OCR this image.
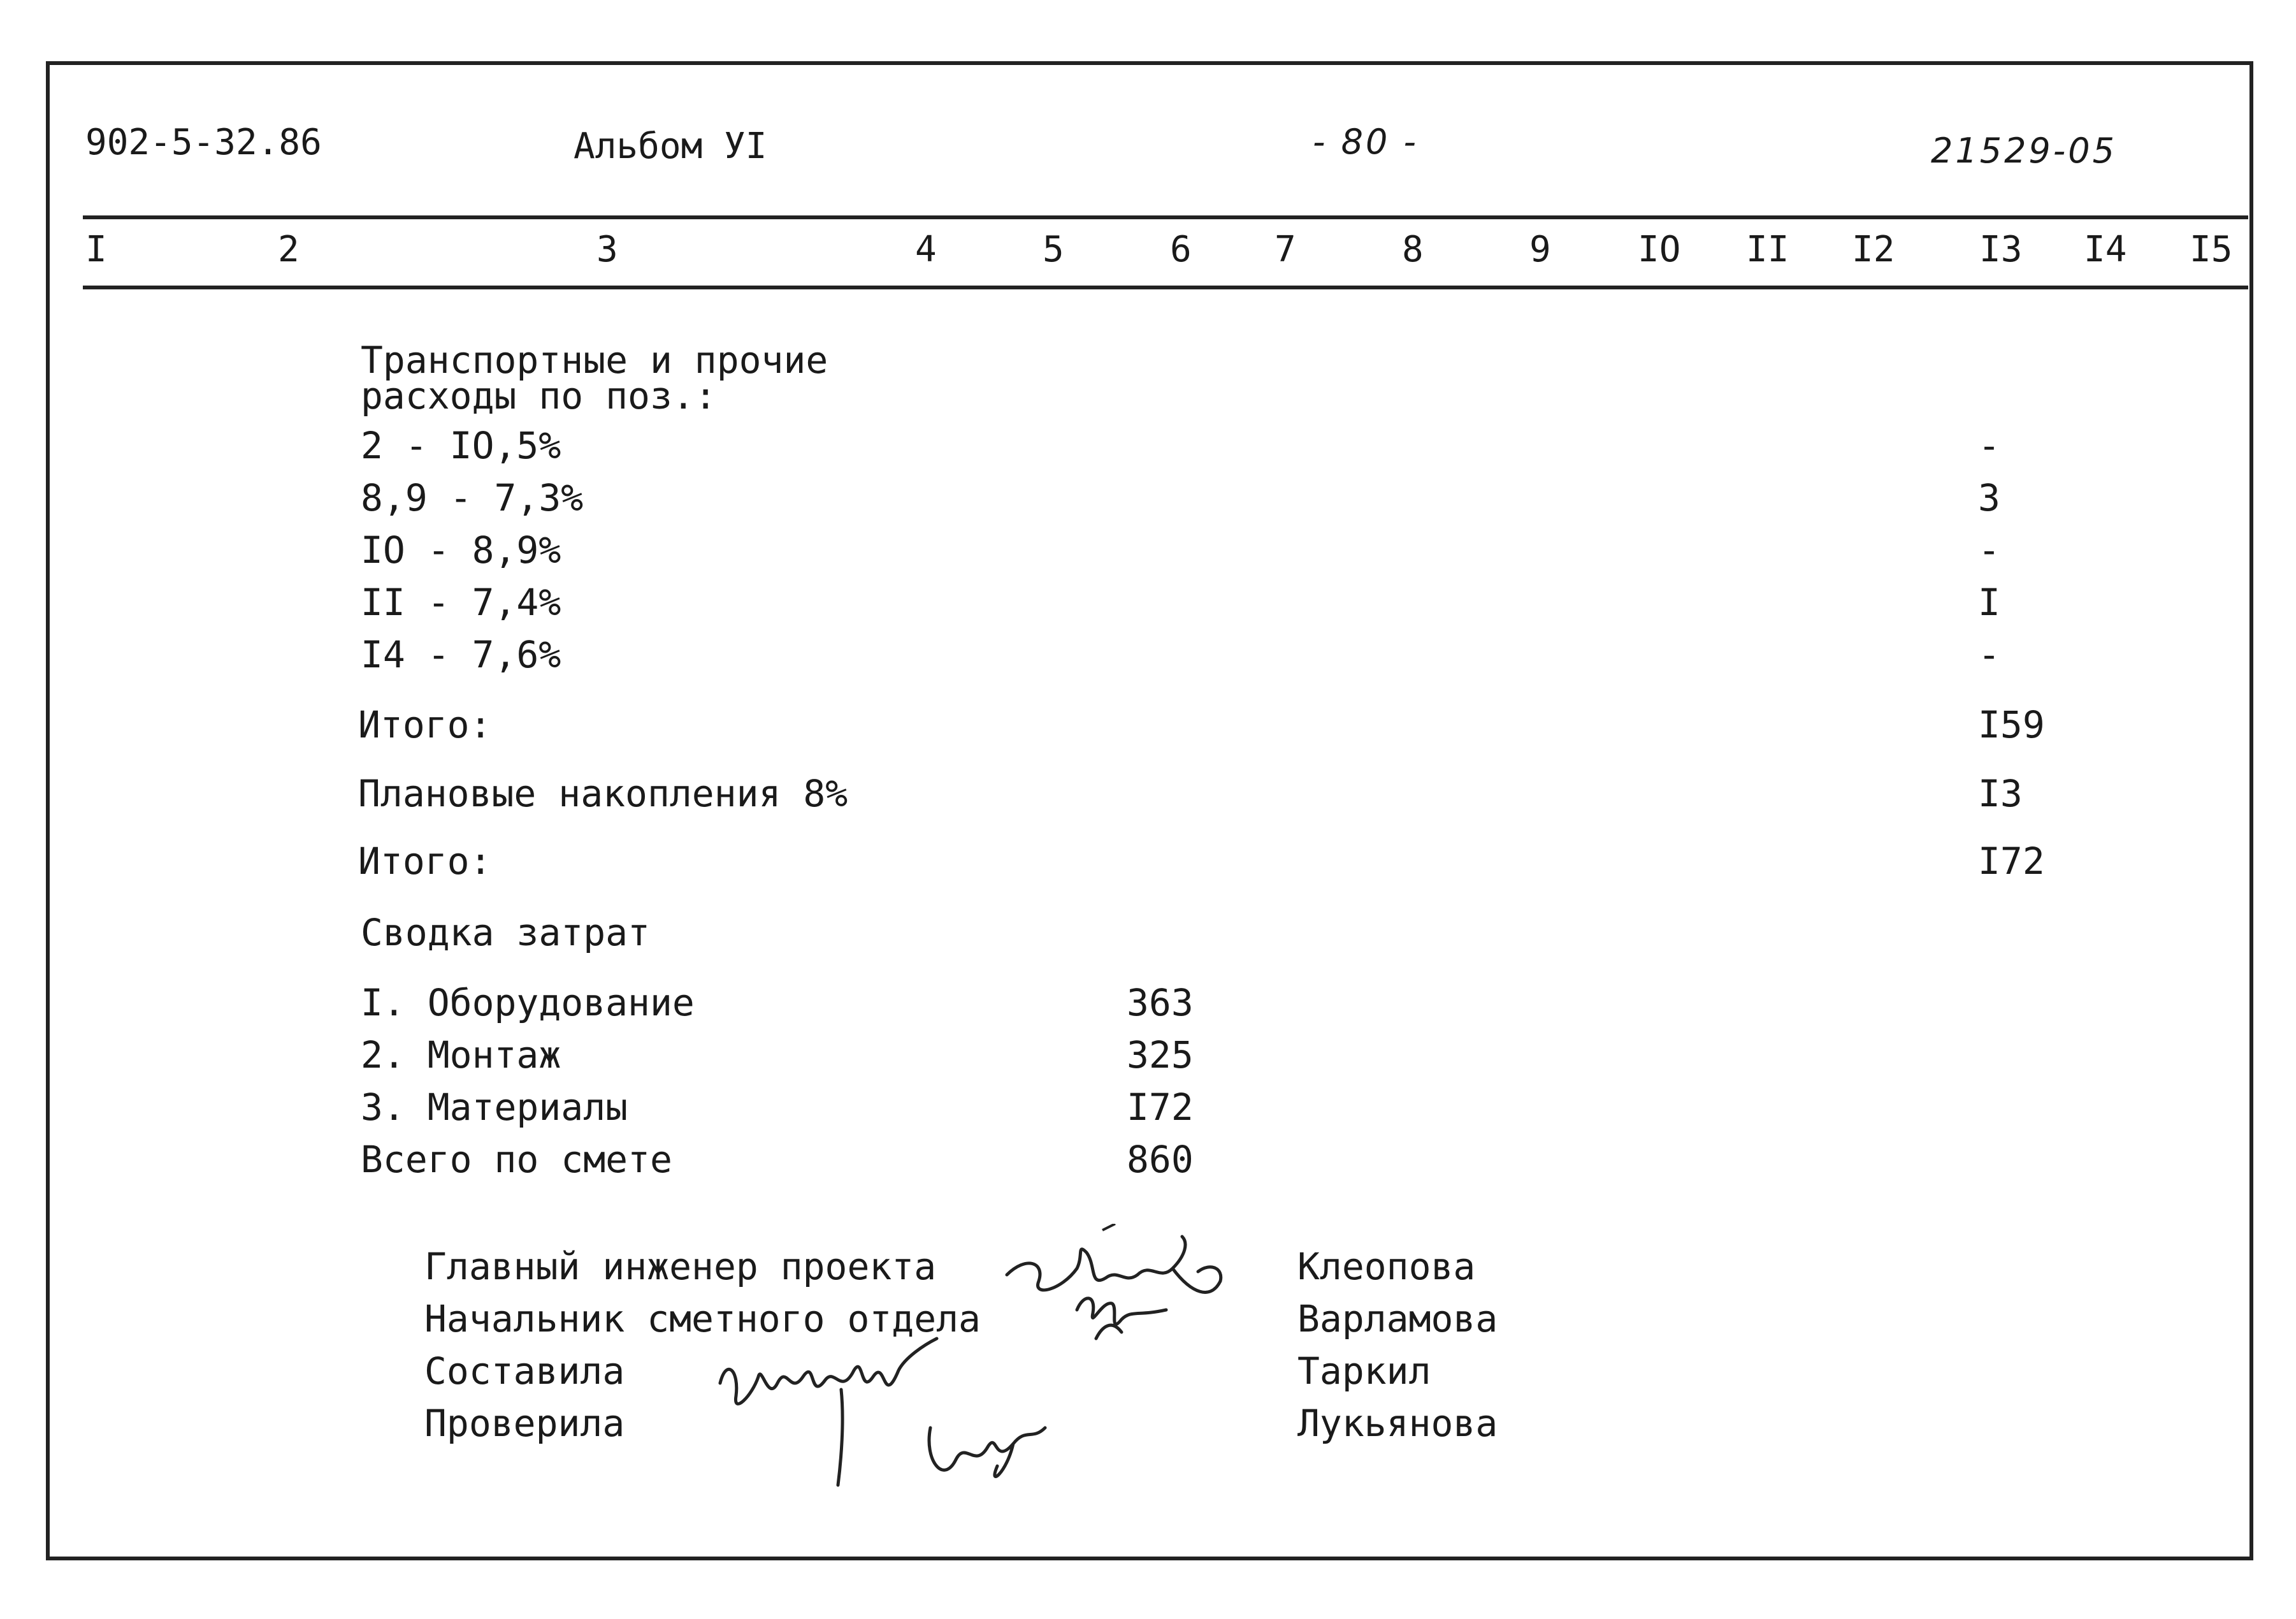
902-5-32.86	Альбом УI	- 80 -	21529-05
I	2	3	4	5	6 7	8	9 IO II I2 I3 I4 I5
Транспортные и прочие
расходы по поз.:
2 - IO,5%	-
8,9 - 7,3%	3
IO - 8,9%	-
II - 7,4%	I
I4 - 7,6%	-
Итого:	I59
Плановые накопления 8%	I3
Итого:	I72
Сводка затрат
I. Оборудование	363
2. Монтаж	325
3. Материалы	I72
Всего по смете	860
Главный инженер проекта	Клеопова
Начальник сметного отдела	Варламова
Составила	Таркил
Проверила	Лукьянова
